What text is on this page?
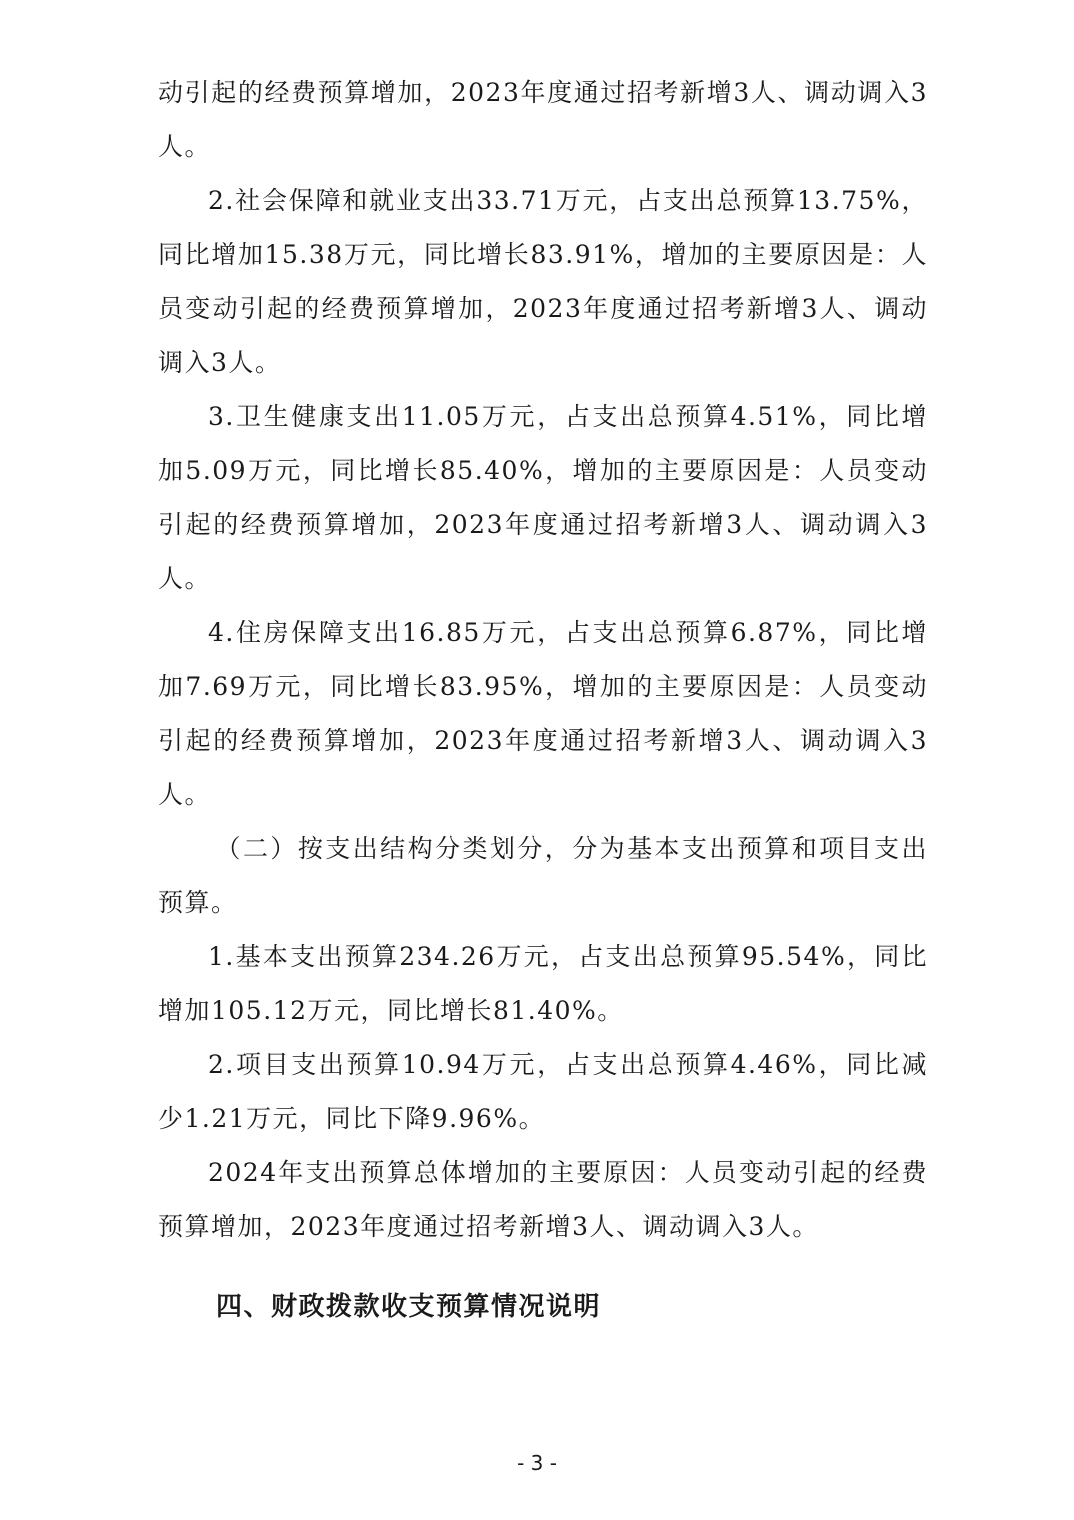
动引起的经费预算增加，2023年度通过招考新增3人、调动调入3人。

2.社会保障和就业支出33.71万元，占支出总预算13.75%，同比增加15.38万元，同比增长83.91%，增加的主要原因是：人员变动引起的经费预算增加，2023年度通过招考新增3人、调动调入3人。

3.卫生健康支出11.05万元，占支出总预算4.51%，同比增加5.09万元，同比增长85.40%，增加的主要原因是：人员变动引起的经费预算增加，2023年度通过招考新增3人、调动调入3人。

4.住房保障支出16.85万元，占支出总预算6.87%，同比增加7.69万元，同比增长83.95%，增加的主要原因是：人员变动引起的经费预算增加，2023年度通过招考新增3人、调动调入3人。

（二）按支出结构分类划分，分为基本支出预算和项目支出预算。

1.基本支出预算234.26万元，占支出总预算95.54%，同比增加105.12万元，同比增长81.40%。

2.项目支出预算10.94万元，占支出总预算4.46%，同比减少1.21万元，同比下降9.96%。

2024年支出预算总体增加的主要原因：人员变动引起的经费预算增加，2023年度通过招考新增3人、调动调入3人。

四、财政拨款收支预算情况说明
- 3 -
